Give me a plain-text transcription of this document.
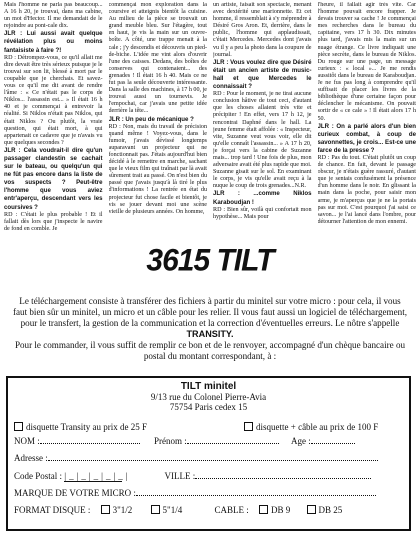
Mais l'homme ne parla pas beaucoup... A 16 h 20, je trouvai, dans ma cabine, un mot d'Hector. Il me demandait de le rejoindre au pont-cale dix.

JLR : Lui aussi avait quelque révélation plus ou moins fantaisiste à faire ?!

RD : Détrompez-vous, ce qu'il allait me dire devait être très sérieux puisque je le trouvai sur son lit, blessé à mort par le coupable que je cherchais. Et savez-vous ce qu'il me dit avant de rendre l'âme : « Ce n'était pas le corps de Niklos... l'assassin est... » Il était 16 h 40 et je commençai à entrevoir la réalité. Si Niklos n'était pas Niklos, qui était Niklos ? Ou plutôt, la vraie question, qui était mort, à qui appartenait ce cadavre que je n'avais vu que quelques secondes ?

JLR : Cela voudrait-il dire qu'un passager clandestin se cachait sur le bateau, ou quelqu'un qui ne fût pas encore dans la liste de vos suspects ? Peut-être l'homme que vous aviez entr'aperçu, descendant vers les coursives ?

RD : C'était le plus probable ! Et il fallait dès lors que j'inspecte le navire de fond en comble. Je

commençai mon exploration dans la coursive et atteignis bientôt la cuisine. Au milieu de la pièce se trouvait un grand meuble bleu. Sur l'étagère, tout en haut, je vis la main sur un ouvre-boîte. A côté, une trappe menait à la cale ; j'y descendis et découvris un pied-de-biche. L'idée me vint alors d'ouvrir l'une des caisses. Dedans, des boîtes de conserves qui contenaient... des grenades ! Il était 16 h 40. Mais ce ne fut pas la seule découverte intéressante. Dans la salle des machines, à 17 h 00, je trouvai aussi un tournevis. Je l'empochai, car j'avais une petite idée derrière la tête...

JLR : Un peu de mécanique ?

RD : Non, mais du travail de précision quand même ! Voyez-vous, dans le fumoir, j'avais dévissé longtemps auparavant un projecteur qui ne fonctionnait pas. J'étais aujourd'hui bien décidé à le remettre en marche, sachant que le vieux film qui traînait par là avait sûrement trait au passé. On n'est bien du passé que j'avais jusqu'à là tiré le plus d'informations ! La rentrée en état du projecteur fut chose facile et bientôt, je vis se jouer devant moi une scène vieille de plusieurs années. On homme,

un artiste, faisait son spectacle, menant avec dextérité une marionnette. Et cet homme, il ressemblait à s'y méprendre à Désiré Gros Aron. Et, derrière, dans le public, l'homme qui applaudissait, c'était Mercedes. Mercedes dont j'avais vu il y a peu la photo dans la coupure de journal.

JLR : Vous voulez dire que Désiré était un ancien artiste de music-hall et que Mercedes le connaissait ?

RD : Pour le moment, je ne tirai aucune conclusion hâtive de tout ceci, d'autant que les choses allaient très vite et précipiter ! En effet, vers 17 h 12, je rencontrai Daphné dans le hall. La jeune femme était affolée : « Inspecteur, vite, Suzanne veut vous voir, elle dit qu'elle connaît l'assassin... » A 17 h 20, je forçai vers la cabine de Suzanne mais... trop tard ! Une fois de plus, mon adversaire avait été plus rapide que moi. Suzanne gisait sur le sol. En examinant le corps, je vis qu'elle avait reçu à la nuque le coup de trois grenades...N.R.

JLR : ...comme Niklos Karaboudjan !

RD : Bien sûr, voilà qui confortait mon hypothèse... Mais pour

l'heure, il fallait agir très vite. Car l'homme pouvait encore frapper. Je devais trouver sa cache ! Je commençai mes recherches dans le bureau du capitaine, vers 17 h 30. Dix minutes plus tard, j'avais mis la main sur un nuage étrange. Ce livre indiquait une pièce secrète, dans le bureau de Niklos. Du rouge sur une page, un message curieux : « local »... Je me rendis aussitôt dans le bureau de Karaboudjan. Je ne fus pas long à comprendre qu'il suffisait de placer les livres de la bibliothèque d'une certaine façon pour déclencher le mécanisme. On pouvait sortir de « ce cale » ! Il était alors 17 h 50.

JLR : On a parlé alors d'un bien curieux combat, à coup de savonnettes, je crois... Est-ce une farce de la presse ?

RD : Pas du tout. C'était plutôt un coup de chance. En fait, devant le passage obscur, je n'étais guère rassuré, d'autant que je sentais confusément la présence d'un homme dans le noir. En glissant la main dans la poche, pour saisir mon arme, je m'aperçus que je ne la portais pas sur moi. C'est pourquoi j'ai saisi ce savon... je l'ai lancé dans l'ombre, pour détourner l'attention de mon ennemi.

3615 TILT
Le téléchargement consiste à transférer des fichiers à partir du minitel sur votre micro : pour cela, il vous faut bien sûr un minitel, un micro et un câble pour les relier. Il vous faut aussi un logiciel de téléchargement, pour le transfert, la gestion de la communication et la correction d'éventuelles erreurs. Le nôtre s'appelle TRANSITY.
Pour le commander, il vous suffit de remplir ce bon et de le renvoyer, accompagné d'un chèque bancaire ou postal du montant correspondant, à :
TILT minitel
9/13 rue du Colonel Pierre-Avia
75754 Paris cedex 15
disquette Transity au prix de 25 F	disquette + câble au prix de 100 F
NOM :	Prénom :	Age :
Adresse :
Code Postal : |_|_|_|_|_|	VILLE :
MARQUE DE VOTRE MICRO :
FORMAT DISQUE : 3"1/2	5"1/4	CABLE : DB 9	DB 25
